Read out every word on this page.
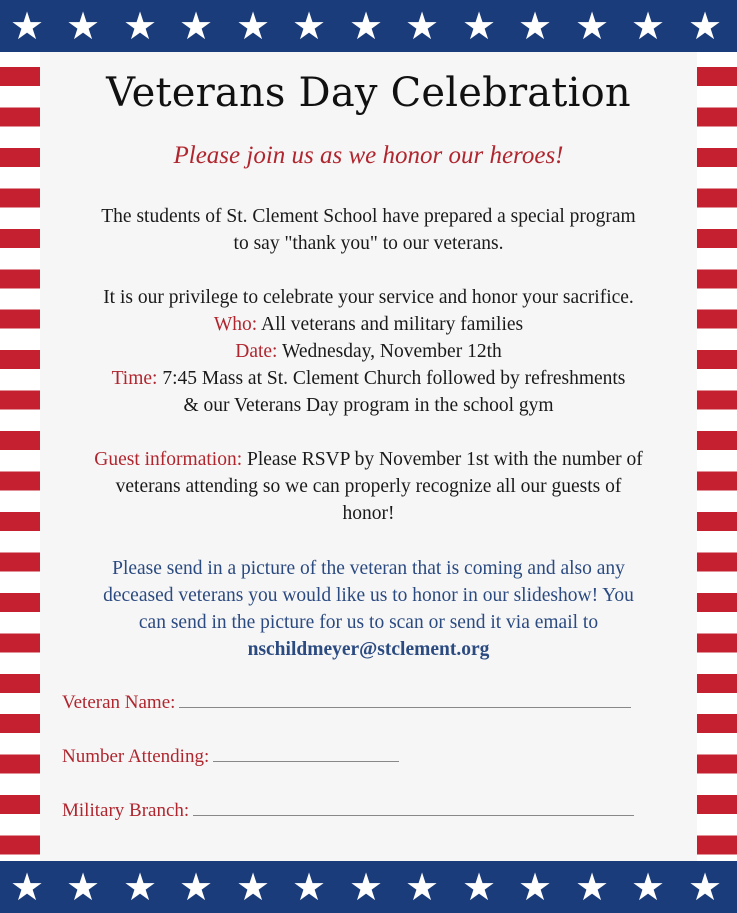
★ ★ ★ ★ ★ ★ ★ ★ ★ ★ ★ ★ ★
★ ★ ★ ★ ★ ★ ★ ★ ★ ★ ★ ★ ★
Veterans Day Celebration
Please join us as we honor our heroes!
The students of St. Clement School have prepared a special program
to say "thank you" to our veterans.
It is our privilege to celebrate your service and honor your sacrifice.
Who: All veterans and military families
Date: Wednesday, November 12th
Time: 7:45 Mass at St. Clement Church followed by refreshments
& our Veterans Day program in the school gym
Guest information: Please RSVP by November 1st with the number of
veterans attending so we can properly recognize all our guests of
honor!
Please send in a picture of the veteran that is coming and also any
deceased veterans you would like us to honor in our slideshow! You
can send in the picture for us to scan or send it via email to
nschildmeyer@stclement.org
Veteran Name:
Number Attending:
Military Branch:
